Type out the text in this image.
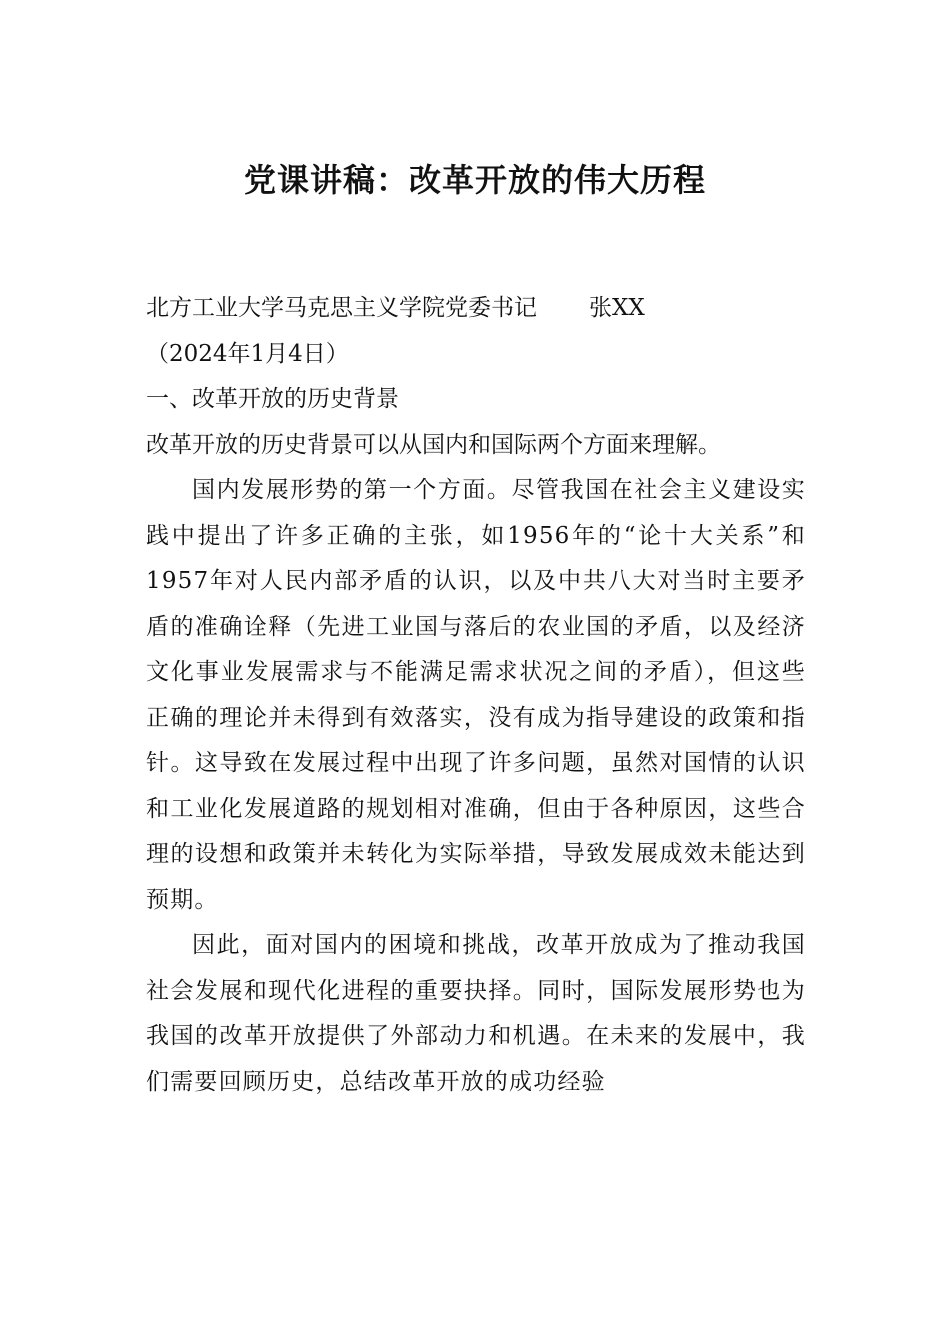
党课讲稿：改革开放的伟大历程

北方工业大学马克思主义学院党委书记 张XX

（2024年1月4日）

一、改革开放的历史背景

改革开放的历史背景可以从国内和国际两个方面来理解。

国内发展形势的第一个方面。尽管我国在社会主义建设实践中提出了许多正确的主张，如1956年的“论十大关系”和1957年对人民内部矛盾的认识，以及中共八大对当时主要矛盾的准确诠释（先进工业国与落后的农业国的矛盾，以及经济文化事业发展需求与不能满足需求状况之间的矛盾），但这些正确的理论并未得到有效落实，没有成为指导建设的政策和指针。这导致在发展过程中出现了许多问题，虽然对国情的认识和工业化发展道路的规划相对准确，但由于各种原因，这些合理的设想和政策并未转化为实际举措，导致发展成效未能达到预期。

因此，面对国内的困境和挑战，改革开放成为了推动我国社会发展和现代化进程的重要抉择。同时，国际发展形势也为我国的改革开放提供了外部动力和机遇。在未来的发展中，我们需要回顾历史，总结改革开放的成功经验
